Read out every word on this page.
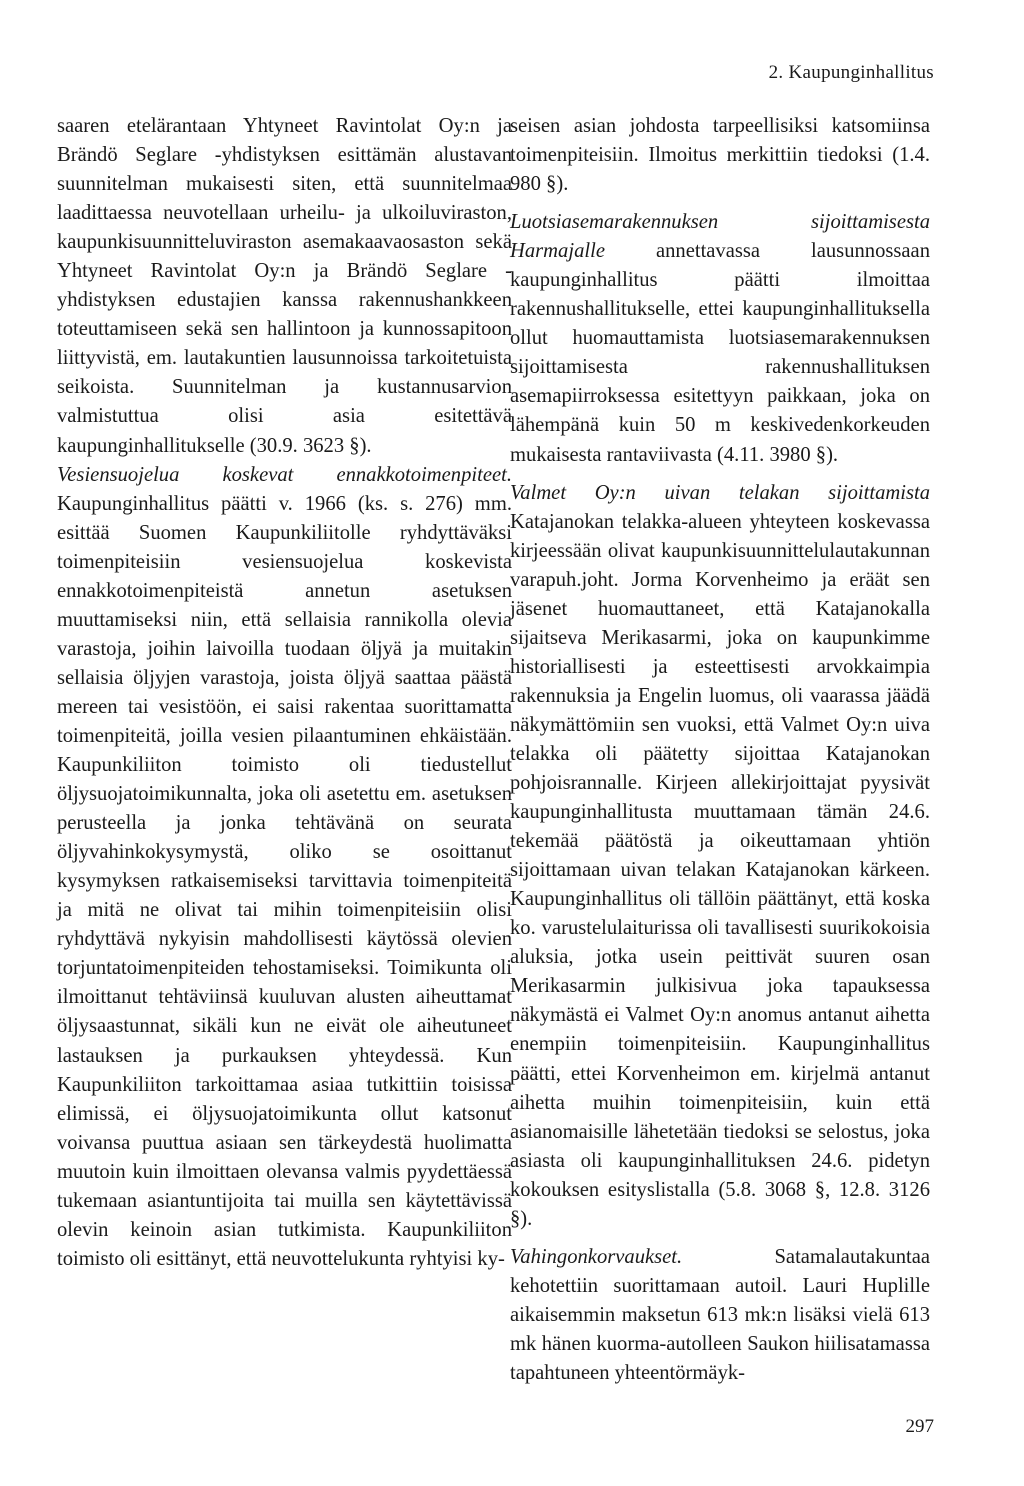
2. Kaupunginhallitus

saaren etelärantaan Yhtyneet Ravintolat Oy:n ja Brändö Seglare -yhdistyksen esittämän alustavan suunnitelman mukaisesti siten, että suunnitelmaa laadittaessa neuvotellaan urheilu- ja ulkoiluviraston, kaupunkisuunnitteluviraston asemakaavaosaston sekä Yhtyneet Ravintolat Oy:n ja Brändö Seglare -yhdistyksen edustajien kanssa rakennushankkeen toteuttamiseen sekä sen hallintoon ja kunnossapitoon liittyvistä, em. lautakuntien lausunnoissa tarkoitetuista seikoista. Suunnitelman ja kustannusarvion valmistuttua olisi asia esitettävä kaupunginhallitukselle (30.9. 3623 §).

Vesiensuojelua koskevat ennakkotoimenpiteet. Kaupunginhallitus päätti v. 1966 (ks. s. 276) mm. esittää Suomen Kaupunkiliitolle ryhdyttäväksi toimenpiteisiin vesiensuojelua koskevista ennakkotoimenpiteistä annetun asetuksen muuttamiseksi niin, että sellaisia rannikolla olevia varastoja, joihin laivoilla tuodaan öljyä ja muitakin sellaisia öljyjen varastoja, joista öljyä saattaa päästä mereen tai vesistöön, ei saisi rakentaa suorittamatta toimenpiteitä, joilla vesien pilaantuminen ehkäistään. Kaupunkiliiton toimisto oli tiedustellut öljysuojatoimikunnalta, joka oli asetettu em. asetuksen perusteella ja jonka tehtävänä on seurata öljyvahinkokysymystä, oliko se osoittanut kysymyksen ratkaisemiseksi tarvittavia toimenpiteitä ja mitä ne olivat tai mihin toimenpiteisiin olisi ryhdyttävä nykyisin mahdollisesti käytössä olevien torjuntatoimenpiteiden tehostamiseksi. Toimikunta oli ilmoittanut tehtäviinsä kuuluvan alusten aiheuttamat öljysaastunnat, sikäli kun ne eivät ole aiheutuneet lastauksen ja purkauksen yhteydessä. Kun Kaupunkiliiton tarkoittamaa asiaa tutkittiin toisissa elimissä, ei öljysuojatoimikunta ollut katsonut voivansa puuttua asiaan sen tärkeydestä huolimatta muutoin kuin ilmoittaen olevansa valmis pyydettäessä tukemaan asiantuntijoita tai muilla sen käytettävissä olevin keinoin asian tutkimista. Kaupunkiliiton toimisto oli esittänyt, että neuvottelukunta ryhtyisi ky-

seisen asian johdosta tarpeellisiksi katsomiinsa toimenpiteisiin. Ilmoitus merkittiin tiedoksi (1.4. 980 §).

Luotsiasemarakennuksen sijoittamisesta Harmajalle annettavassa lausunnossaan kaupunginhallitus päätti ilmoittaa rakennushallitukselle, ettei kaupunginhallituksella ollut huomauttamista luotsiasemarakennuksen sijoittamisesta rakennushallituksen asemapiirroksessa esitettyyn paikkaan, joka on lähempänä kuin 50 m keskivedenkorkeuden mukaisesta rantaviivasta (4.11. 3980 §).

Valmet Oy:n uivan telakan sijoittamista Katajanokan telakka-alueen yhteyteen koskevassa kirjeessään olivat kaupunkisuunnittelulautakunnan varapuh.joht. Jorma Korvenheimo ja eräät sen jäsenet huomauttaneet, että Katajanokalla sijaitseva Merikasarmi, joka on kaupunkimme historiallisesti ja esteettisesti arvokkaimpia rakennuksia ja Engelin luomus, oli vaarassa jäädä näkymättömiin sen vuoksi, että Valmet Oy:n uiva telakka oli päätetty sijoittaa Katajanokan pohjoisrannalle. Kirjeen allekirjoittajat pyysivät kaupunginhallitusta muuttamaan tämän 24.6. tekemää päätöstä ja oikeuttamaan yhtiön sijoittamaan uivan telakan Katajanokan kärkeen. Kaupunginhallitus oli tällöin päättänyt, että koska ko. varustelulaiturissa oli tavallisesti suurikokoisia aluksia, jotka usein peittivät suuren osan Merikasarmin julkisivua joka tapauksessa näkymästä ei Valmet Oy:n anomus antanut aihetta enempiin toimenpiteisiin. Kaupunginhallitus päätti, ettei Korvenheimon em. kirjelmä antanut aihetta muihin toimenpiteisiin, kuin että asianomaisille lähetetään tiedoksi se selostus, joka asiasta oli kaupunginhallituksen 24.6. pidetyn kokouksen esityslistalla (5.8. 3068 §, 12.8. 3126 §).

Vahingonkorvaukset.	Satamalautakuntaa kehotettiin suorittamaan autoil. Lauri Huplille aikaisemmin maksetun 613 mk:n lisäksi vielä 613 mk hänen kuorma-autolleen Saukon hiilisatamassa tapahtuneen yhteentörmäyk-

297
